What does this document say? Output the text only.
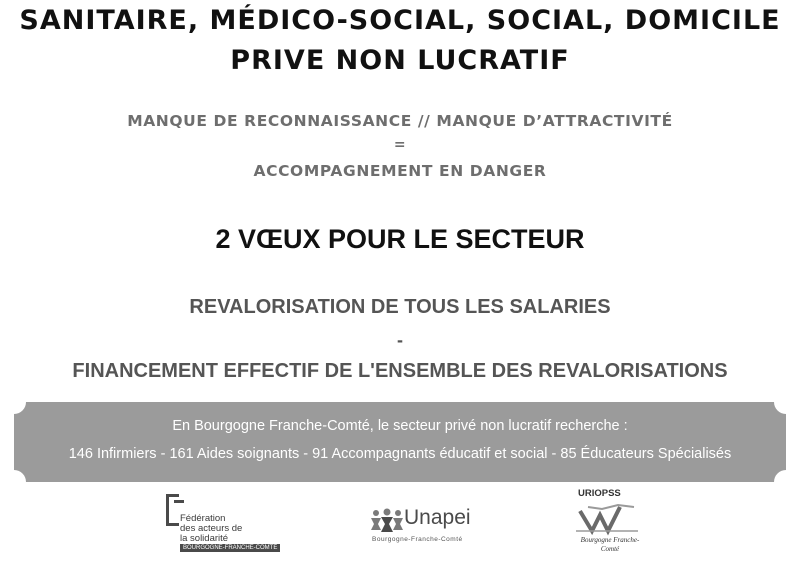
SANITAIRE, MÉDICO-SOCIAL, SOCIAL, DOMICILE
PRIVE NON LUCRATIF
MANQUE DE RECONNAISSANCE // MANQUE D’ATTRACTIVITÉ
=
ACCOMPAGNEMENT EN DANGER
2 VŒUX POUR LE SECTEUR
REVALORISATION DE TOUS LES SALARIES
-
FINANCEMENT EFFECTIF DE L'ENSEMBLE DES REVALORISATIONS
En Bourgogne Franche-Comté, le secteur privé non lucratif recherche :
146 Infirmiers - 161 Aides soignants - 91 Accompagnants éducatif et social - 85 Éducateurs Spécialisés
Fédération
des acteurs de
la solidarité
BOURGOGNE-FRANCHE-COMTÉ
Unapei
Bourgogne-Franche-Comté
URIOPSS
Bourgogne Franche-Comté
